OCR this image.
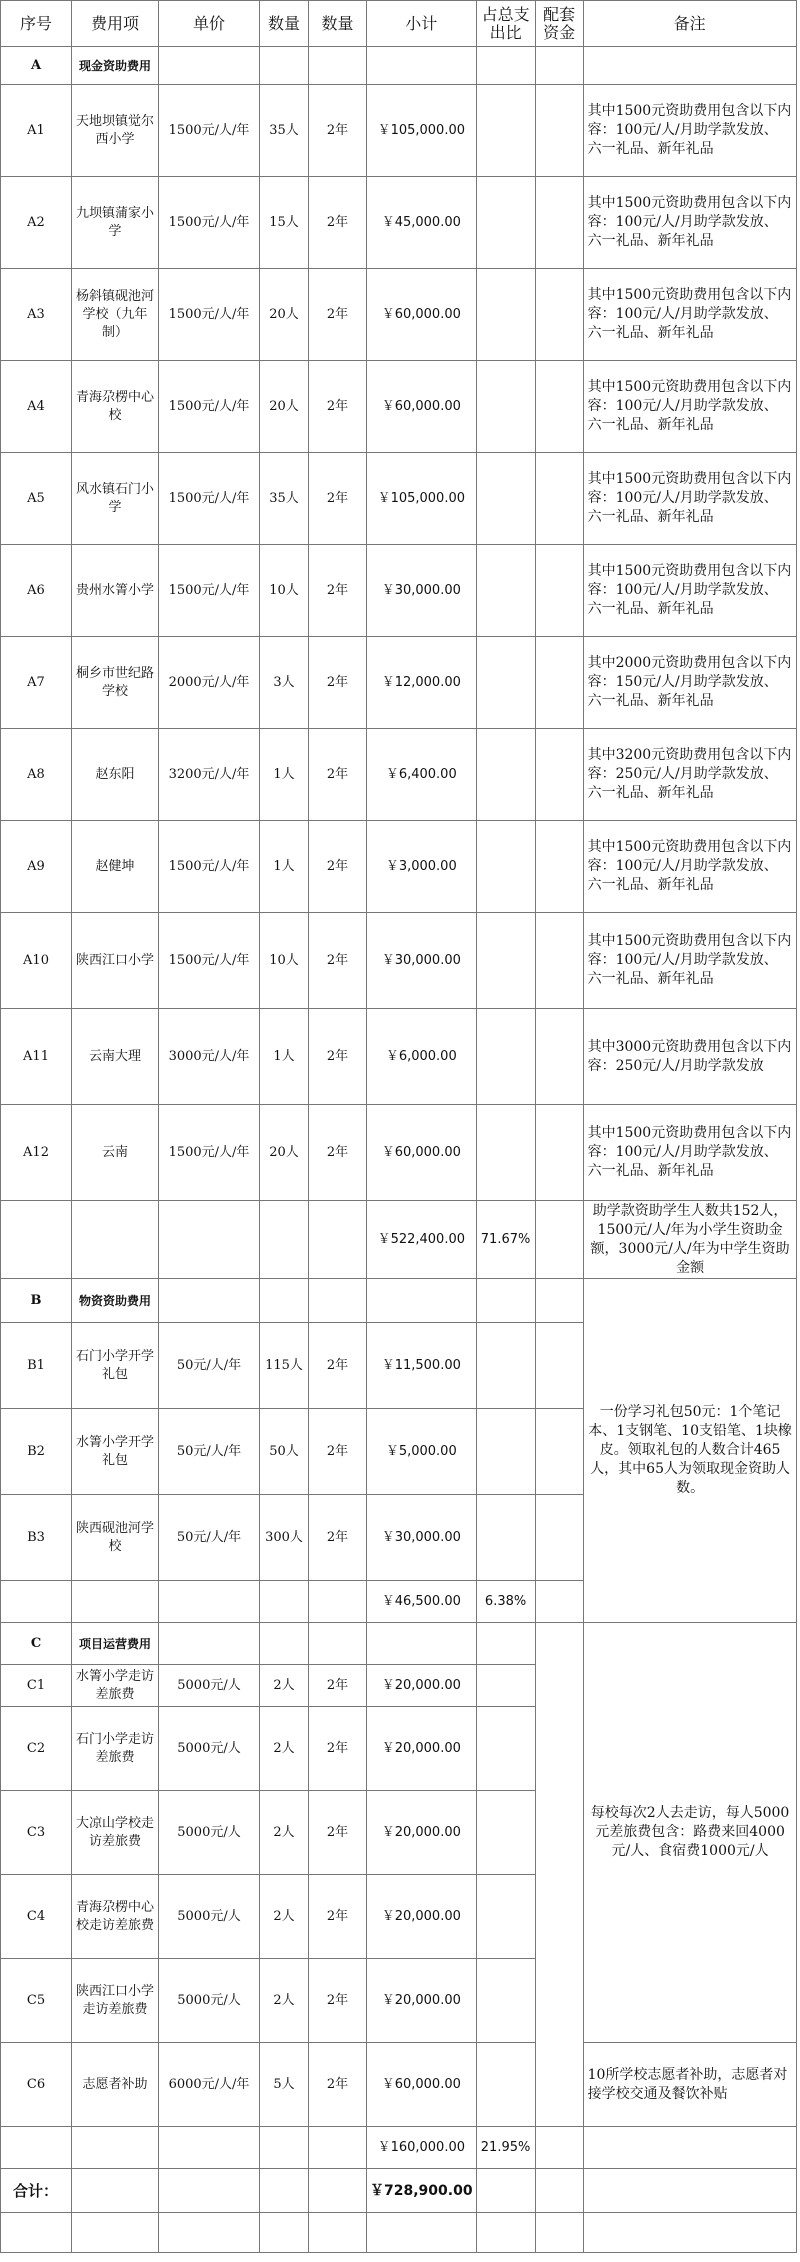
序号	费用项	单价	数量	数量	小计	占总支出比	配套资金	备注
A	现金资助费用							
A1	天地坝镇觉尔西小学	1500元/人/年	35人	2年	￥105,000.00			其中1500元资助费用包含以下内容：100元/人/月助学款发放、 六一礼品、新年礼品
A2	九坝镇蒲家小学	1500元/人/年	15人	2年	￥45,000.00			其中1500元资助费用包含以下内容：100元/人/月助学款发放、 六一礼品、新年礼品
A3	杨斜镇砚池河学校（九年制）	1500元/人/年	20人	2年	￥60,000.00			其中1500元资助费用包含以下内容：100元/人/月助学款发放、 六一礼品、新年礼品
A4	青海尕楞中心校	1500元/人/年	20人	2年	￥60,000.00			其中1500元资助费用包含以下内容：100元/人/月助学款发放、 六一礼品、新年礼品
A5	风水镇石门小学	1500元/人/年	35人	2年	￥105,000.00			其中1500元资助费用包含以下内容：100元/人/月助学款发放、 六一礼品、新年礼品
A6	贵州水箐小学	1500元/人/年	10人	2年	￥30,000.00			其中1500元资助费用包含以下内容：100元/人/月助学款发放、 六一礼品、新年礼品
A7	桐乡市世纪路学校	2000元/人/年	3人	2年	￥12,000.00			其中2000元资助费用包含以下内容：150元/人/月助学款发放、 六一礼品、新年礼品
A8	赵东阳	3200元/人/年	1人	2年	￥6,400.00			其中3200元资助费用包含以下内容：250元/人/月助学款发放、 六一礼品、新年礼品
A9	赵健坤	1500元/人/年	1人	2年	￥3,000.00			其中1500元资助费用包含以下内容：100元/人/月助学款发放、 六一礼品、新年礼品
A10	陕西江口小学	1500元/人/年	10人	2年	￥30,000.00			其中1500元资助费用包含以下内容：100元/人/月助学款发放、 六一礼品、新年礼品
A11	云南大理	3000元/人/年	1人	2年	￥6,000.00			其中3000元资助费用包含以下内容：250元/人/月助学款发放
A12	云南	1500元/人/年	20人	2年	￥60,000.00			其中1500元资助费用包含以下内容：100元/人/月助学款发放、 六一礼品、新年礼品
					￥522,400.00	71.67%		助学款资助学生人数共152人，1500元/人/年为小学生资助金额，3000元/人/年为中学生资助金额
B	物资资助费用							一份学习礼包50元：1个笔记本、1支钢笔、10支铅笔、1块橡皮。领取礼包的人数合计465人，其中65人为领取现金资助人数。
B1	石门小学开学礼包	50元/人/年	115人	2年	￥11,500.00			
B2	水箐小学开学礼包	50元/人/年	50人	2年	￥5,000.00			
B3	陕西砚池河学校	50元/人/年	300人	2年	￥30,000.00			
					￥46,500.00	6.38%		
C	项目运营费用							每校每次2人去走访，每人5000元差旅费包含：路费来回4000元/人、食宿费1000元/人
C1	水箐小学走访差旅费	5000元/人	2人	2年	￥20,000.00			
C2	石门小学走访差旅费	5000元/人	2人	2年	￥20,000.00			
C3	大凉山学校走访差旅费	5000元/人	2人	2年	￥20,000.00			
C4	青海尕楞中心校走访差旅费	5000元/人	2人	2年	￥20,000.00			
C5	陕西江口小学走访差旅费	5000元/人	2人	2年	￥20,000.00			
C6	志愿者补助	6000元/人/年	5人	2年	￥60,000.00			10所学校志愿者补助，志愿者对接学校交通及餐饮补贴
					￥160,000.00	21.95%		
合计：					￥728,900.00			
